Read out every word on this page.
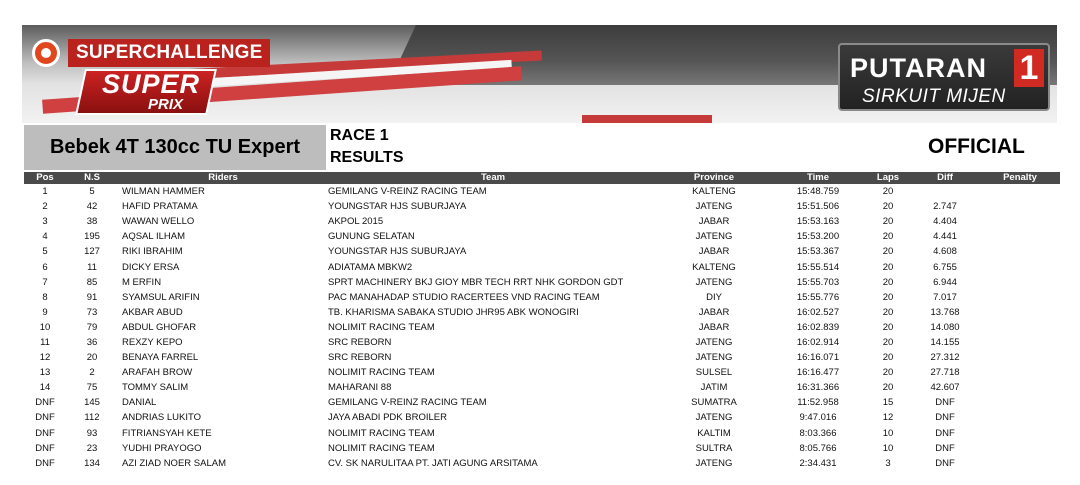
SUPERCHALLENGE
SUPER
PRIX
PUTARAN 1
SIRKUIT MIJEN
Bebek 4T 130cc TU Expert
RACE 1
RESULTS	OFFICIAL
Pos	N.S	Riders	Team	Province	Time	Laps	Diff	Penalty
1	5	WILMAN HAMMER	GEMILANG V-REINZ RACING TEAM	KALTENG	15:48.759	20		
2	42	HAFID PRATAMA	YOUNGSTAR HJS SUBURJAYA	JATENG	15:51.506	20	2.747	
3	38	WAWAN WELLO	AKPOL 2015	JABAR	15:53.163	20	4.404	
4	195	AQSAL ILHAM	GUNUNG SELATAN	JATENG	15:53.200	20	4.441	
5	127	RIKI IBRAHIM	YOUNGSTAR HJS SUBURJAYA	JABAR	15:53.367	20	4.608	
6	11	DICKY ERSA	ADIATAMA MBKW2	KALTENG	15:55.514	20	6.755	
7	85	M ERFIN	SPRT MACHINERY BKJ GIOY MBR TECH RRT NHK GORDON GDT	JATENG	15:55.703	20	6.944	
8	91	SYAMSUL ARIFIN	PAC MANAHADAP STUDIO RACERTEES VND RACING TEAM	DIY	15:55.776	20	7.017	
9	73	AKBAR ABUD	TB. KHARISMA SABAKA STUDIO JHR95 ABK WONOGIRI	JABAR	16:02.527	20	13.768	
10	79	ABDUL GHOFAR	NOLIMIT RACING TEAM	JABAR	16:02.839	20	14.080	
11	36	REXZY KEPO	SRC REBORN	JATENG	16:02.914	20	14.155	
12	20	BENAYA FARREL	SRC REBORN	JATENG	16:16.071	20	27.312	
13	2	ARAFAH BROW	NOLIMIT RACING TEAM	SULSEL	16:16.477	20	27.718	
14	75	TOMMY SALIM	MAHARANI 88	JATIM	16:31.366	20	42.607	
DNF	145	DANIAL	GEMILANG V-REINZ RACING TEAM	SUMATRA	11:52.958	15	DNF	
DNF	112	ANDRIAS LUKITO	JAYA ABADI PDK BROILER	JATENG	9:47.016	12	DNF	
DNF	93	FITRIANSYAH KETE	NOLIMIT RACING TEAM	KALTIM	8:03.366	10	DNF	
DNF	23	YUDHI PRAYOGO	NOLIMIT RACING TEAM	SULTRA	8:05.766	10	DNF	
DNF	134	AZI ZIAD NOER SALAM	CV. SK NARULITAA PT. JATI AGUNG ARSITAMA	JATENG	2:34.431	3	DNF	
